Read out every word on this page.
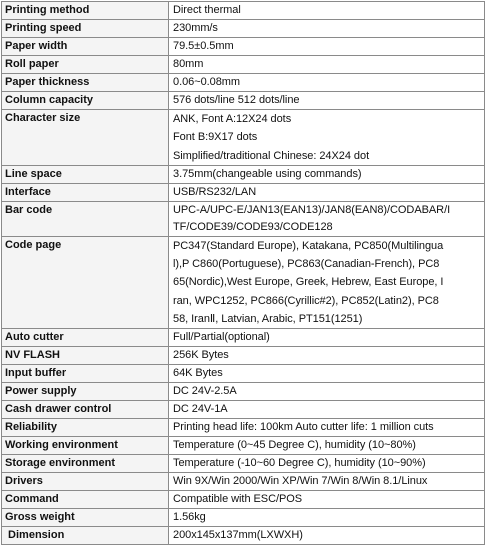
Printing method	Direct thermal

Printing speed	230mm/s

Paper width	79.5±0.5mm

Roll paper	80mm

Paper thickness	0.06~0.08mm

Column capacity	576 dots/line 512 dots/line

Character size	ANK, Font A:12X24 dots
Font B:9X17 dots
Simplified/traditional Chinese: 24X24 dot

Line space	3.75mm(changeable using commands)

Interface	USB/RS232/LAN

Bar code	UPC-A/UPC-E/JAN13(EAN13)/JAN8(EAN8)/CODABAR/I
TF/CODE39/CODE93/CODE128

Code page	PC347(Standard Europe), Katakana, PC850(Multilingua
l),P C860(Portuguese), PC863(Canadian-French), PC8
65(Nordic),West Europe, Greek, Hebrew, East Europe, I
ran, WPC1252, PC866(Cyrillic#2), PC852(Latin2), PC8
58, IranⅡ, Latvian, Arabic, PT151(1251)

Auto cutter	Full/Partial(optional)

NV FLASH	256K Bytes

Input buffer	64K Bytes

Power supply	DC 24V-2.5A

Cash drawer control	DC 24V-1A

Reliability	Printing head life: 100km Auto cutter life: 1 million cuts

Working environment	Temperature (0~45 Degree C), humidity (10~80%)

Storage environment	Temperature (-10~60 Degree C), humidity (10~90%)

Drivers	Win 9X/Win 2000/Win XP/Win 7/Win 8/Win 8.1/Linux

Command	Compatible with ESC/POS

Gross weight	1.56kg

Dimension	200x145x137mm(LXWXH)
